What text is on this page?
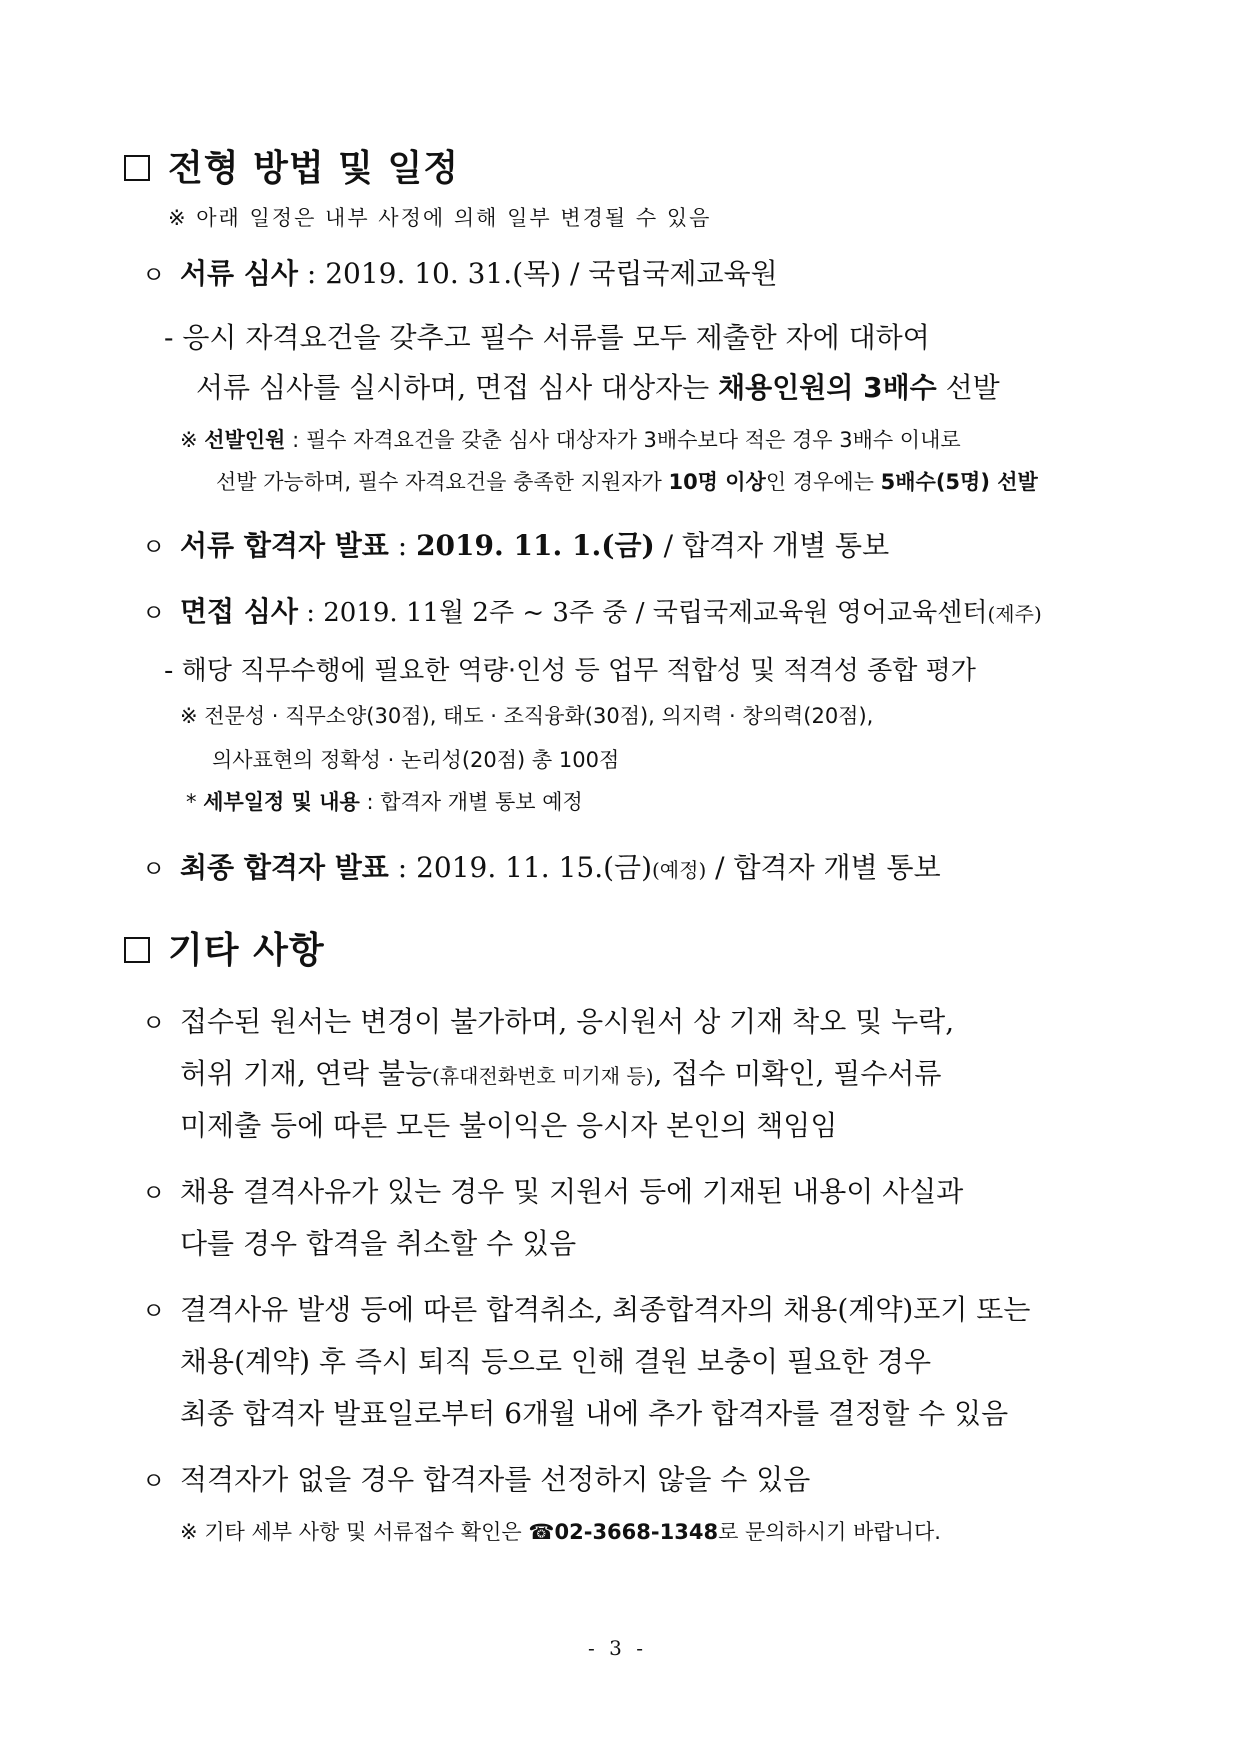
전형 방법 및 일정
※ 아래 일정은 내부 사정에 의해 일부 변경될 수 있음
ㅇ 서류 심사 : 2019. 10. 31.(목) / 국립국제교육원
- 응시 자격요건을 갖추고 필수 서류를 모두 제출한 자에 대하여
서류 심사를 실시하며, 면접 심사 대상자는 채용인원의 3배수 선발
※ 선발인원 : 필수 자격요건을 갖춘 심사 대상자가 3배수보다 적은 경우 3배수 이내로
선발 가능하며, 필수 자격요건을 충족한 지원자가 10명 이상인 경우에는 5배수(5명) 선발
ㅇ 서류 합격자 발표 : 2019. 11. 1.(금) / 합격자 개별 통보
ㅇ 면접 심사 : 2019. 11월 2주 ~ 3주 중 / 국립국제교육원 영어교육센터(제주)
- 해당 직무수행에 필요한 역량·인성 등 업무 적합성 및 적격성 종합 평가
※ 전문성 · 직무소양(30점), 태도 · 조직융화(30점), 의지력 · 창의력(20점),
의사표현의 정확성 · 논리성(20점) 총 100점
* 세부일정 및 내용 : 합격자 개별 통보 예정
ㅇ 최종 합격자 발표 : 2019. 11. 15.(금)(예정) / 합격자 개별 통보
기타 사항
ㅇ 접수된 원서는 변경이 불가하며, 응시원서 상 기재 착오 및 누락,
허위 기재, 연락 불능(휴대전화번호 미기재 등), 접수 미확인, 필수서류
미제출 등에 따른 모든 불이익은 응시자 본인의 책임임
ㅇ 채용 결격사유가 있는 경우 및 지원서 등에 기재된 내용이 사실과
다를 경우 합격을 취소할 수 있음
ㅇ 결격사유 발생 등에 따른 합격취소, 최종합격자의 채용(계약)포기 또는
채용(계약) 후 즉시 퇴직 등으로 인해 결원 보충이 필요한 경우
최종 합격자 발표일로부터 6개월 내에 추가 합격자를 결정할 수 있음
ㅇ 적격자가 없을 경우 합격자를 선정하지 않을 수 있음
※ 기타 세부 사항 및 서류접수 확인은 ☎02-3668-1348로 문의하시기 바랍니다.
- 3 -
